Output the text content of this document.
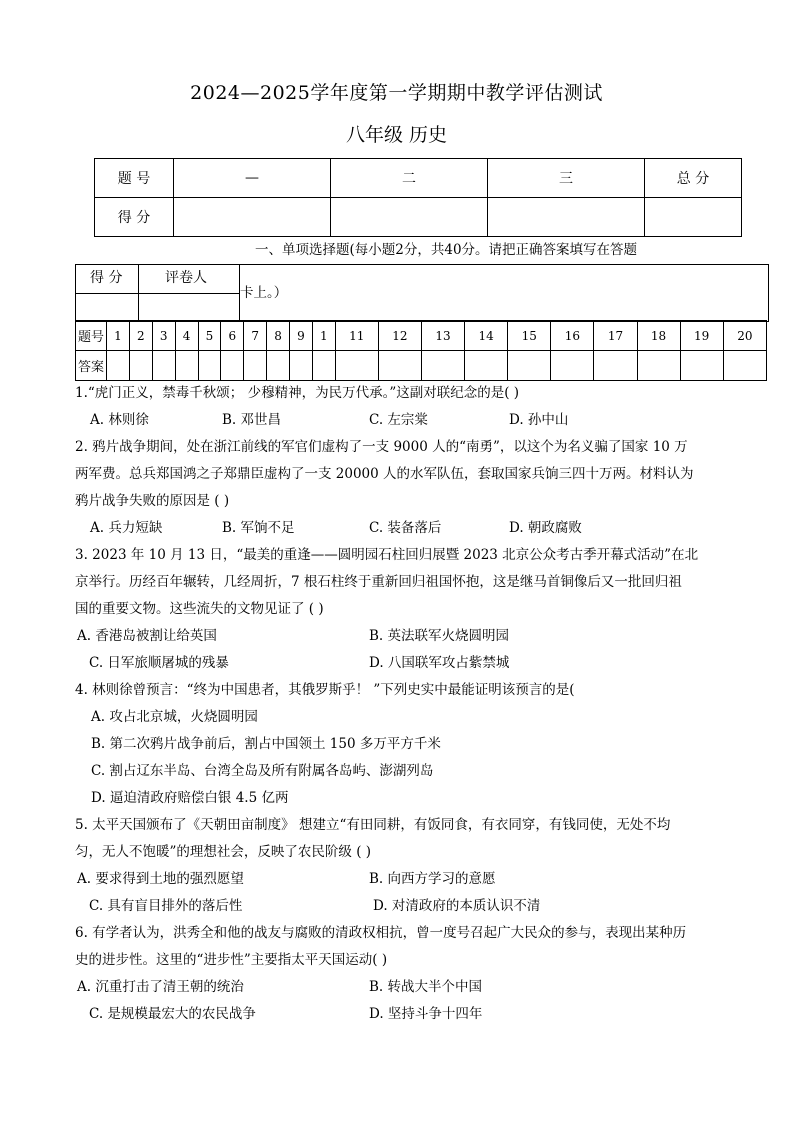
2024—2025学年度第一学期期中教学评估测试
八年级 历史
题 号	—	二	三	总 分
得 分				
一、单项选择题(每小题2分，共40分。请把正确答案填写在答题
得 分	评卷人
卡上。）
题号	1	2	3	4	5	6	7	8	9	1	11	12	13	14	15	16	17	18	19	20
答案																				
1.“虎门正义，禁毒千秋颂； 少穆精神，为民万代承。”这副对联纪念的是( )
A. 林则徐	B. 邓世昌	C. 左宗棠	D. 孙中山
2. 鸦片战争期间，处在浙江前线的军官们虚构了一支 9000 人的“南勇”，以这个为名义骗了国家 10 万
两军费。总兵郑国鸿之子郑鼎臣虚构了一支 20000 人的水军队伍，套取国家兵饷三四十万两。材料认为
鸦片战争失败的原因是 ( )
A. 兵力短缺	B. 军饷不足	C. 装备落后	D. 朝政腐败
3. 2023 年 10 月 13 日，“最美的重逢——圆明园石柱回归展暨 2023 北京公众考古季开幕式活动”在北
京举行。历经百年辗转，几经周折，7 根石柱终于重新回归祖国怀抱，这是继马首铜像后又一批回归祖
国的重要文物。这些流失的文物见证了 ( )
A. 香港岛被割让给英国	B. 英法联军火烧圆明园
C. 日军旅顺屠城的残暴	D. 八国联军攻占紫禁城
4. 林则徐曾预言：“终为中国患者，其俄罗斯乎！ ”下列史实中最能证明该预言的是(
A. 攻占北京城，火烧圆明园
B. 第二次鸦片战争前后，割占中国领土 150 多万平方千米
C. 割占辽东半岛、台湾全岛及所有附属各岛屿、澎湖列岛
D. 逼迫清政府赔偿白银 4.5 亿两
5. 太平天国颁布了《天朝田亩制度》 想建立“有田同耕，有饭同食，有衣同穿，有钱同使，无处不均
匀，无人不饱暖”的理想社会，反映了农民阶级 ( )
A. 要求得到土地的强烈愿望	B. 向西方学习的意愿
C. 具有盲目排外的落后性	D. 对清政府的本质认识不清
6. 有学者认为，洪秀全和他的战友与腐败的清政权相抗，曾一度号召起广大民众的参与，表现出某种历
史的进步性。这里的“进步性”主要指太平天国运动( )
A. 沉重打击了清王朝的统治	B. 转战大半个中国
C. 是规模最宏大的农民战争	D. 坚持斗争十四年
